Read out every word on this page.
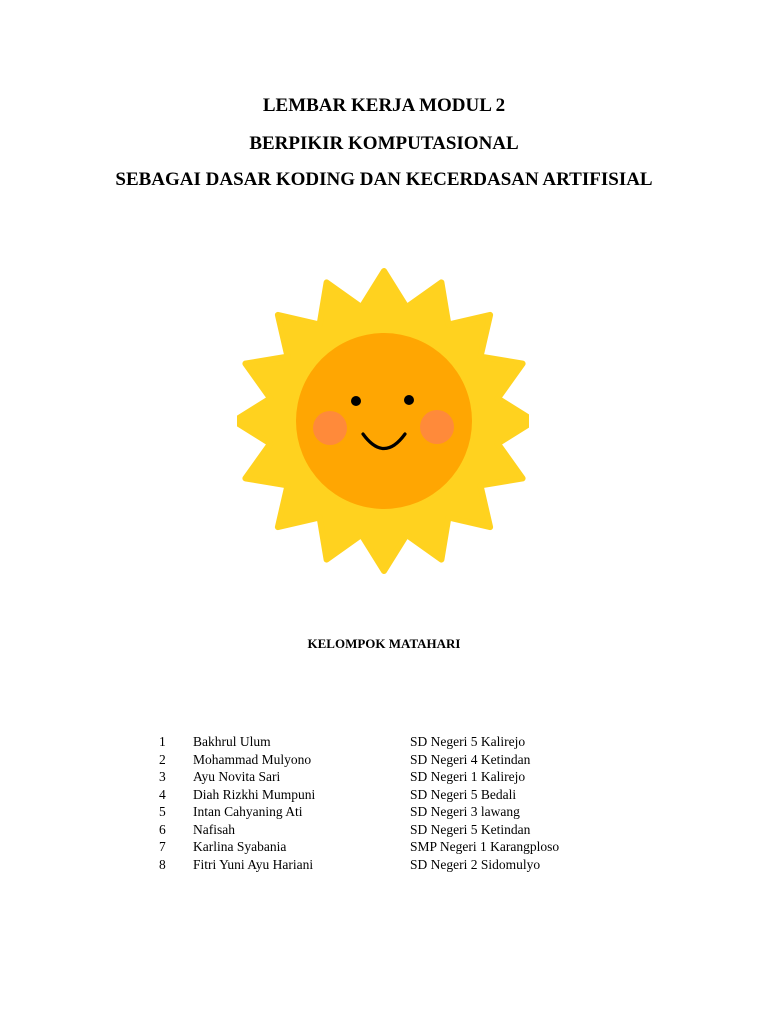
LEMBAR KERJA MODUL 2

BERPIKIR KOMPUTASIONAL

SEBAGAI DASAR KODING DAN KECERDASAN ARTIFISIAL

KELOMPOK MATAHARI
1	Bakhrul Ulum	SD Negeri 5 Kalirejo
2	Mohammad Mulyono	SD Negeri 4 Ketindan
3	Ayu Novita Sari	SD Negeri 1 Kalirejo
4	Diah Rizkhi Mumpuni	SD Negeri 5 Bedali
5	Intan Cahyaning Ati	SD Negeri 3 lawang
6	Nafisah	SD Negeri 5 Ketindan
7	Karlina Syabania	SMP Negeri 1 Karangploso
8	Fitri Yuni Ayu Hariani	SD Negeri 2 Sidomulyo
